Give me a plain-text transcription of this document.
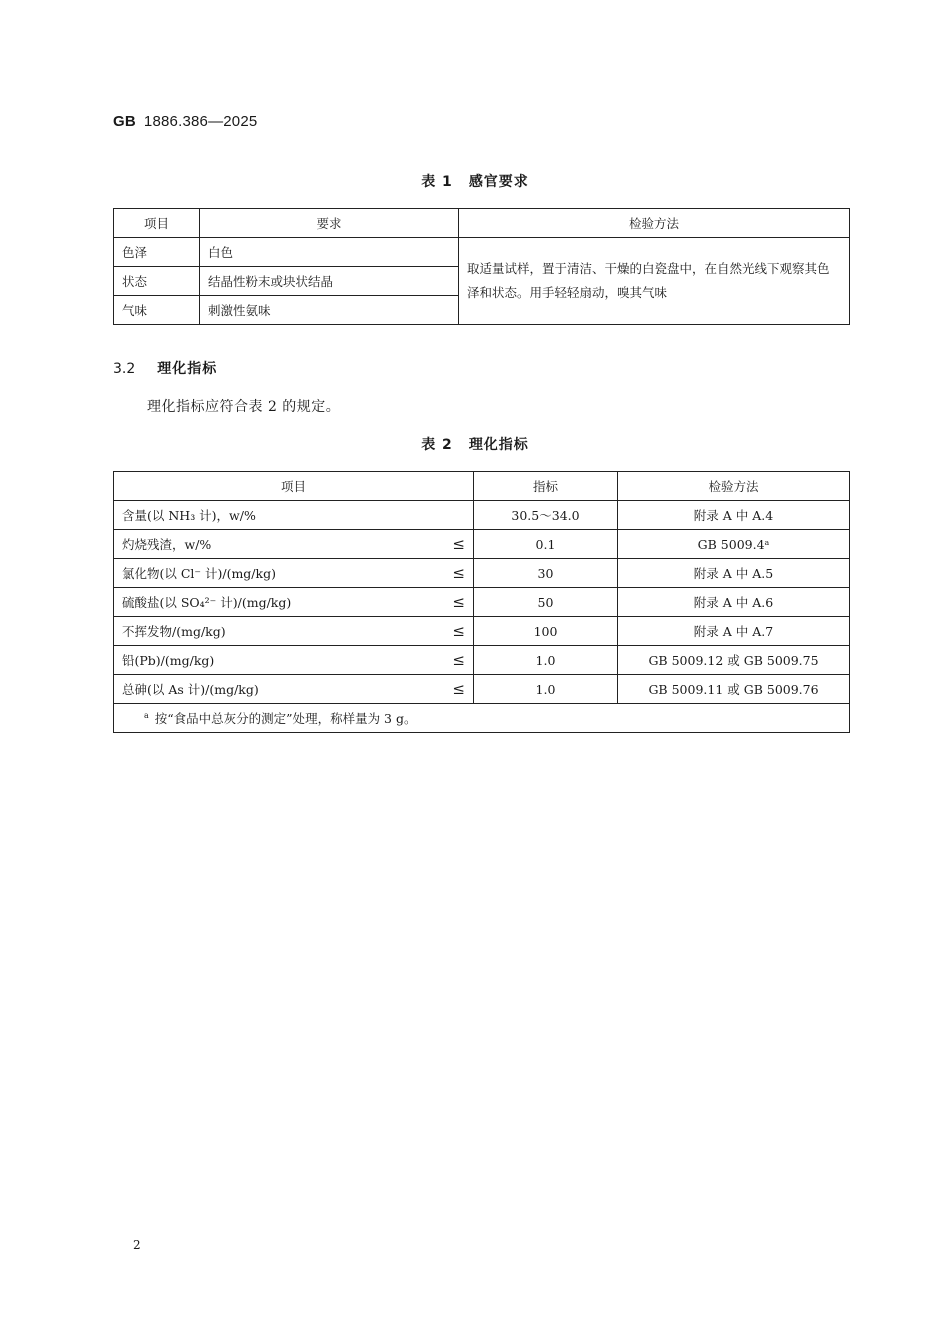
GB 1886.386—2025
表 1 感官要求
项目	要求	检验方法
色泽	白色	取适量试样，置于清洁、干燥的白瓷盘中，在自然光线下观察其色泽和状态。用手轻轻扇动，嗅其气味
状态	结晶性粉末或块状结晶	
气味	刺激性氨味	
3.2 理化指标
理化指标应符合表 2 的规定。
表 2 理化指标
项目	指标	检验方法
含量(以 NH₃ 计)，w/%	30.5～34.0	附录 A 中 A.4
灼烧残渣，w/% ≤	0.1	GB 5009.4ᵃ
氯化物(以 Cl⁻ 计)/(mg/kg) ≤	30	附录 A 中 A.5
硫酸盐(以 SO₄²⁻ 计)/(mg/kg) ≤	50	附录 A 中 A.6
不挥发物/(mg/kg) ≤	100	附录 A 中 A.7
铅(Pb)/(mg/kg) ≤	1.0	GB 5009.12 或 GB 5009.75
总砷(以 As 计)/(mg/kg) ≤	1.0	GB 5009.11 或 GB 5009.76
$^a$ 按“食品中总灰分的测定”处理，称样量为 3 g。		
2
